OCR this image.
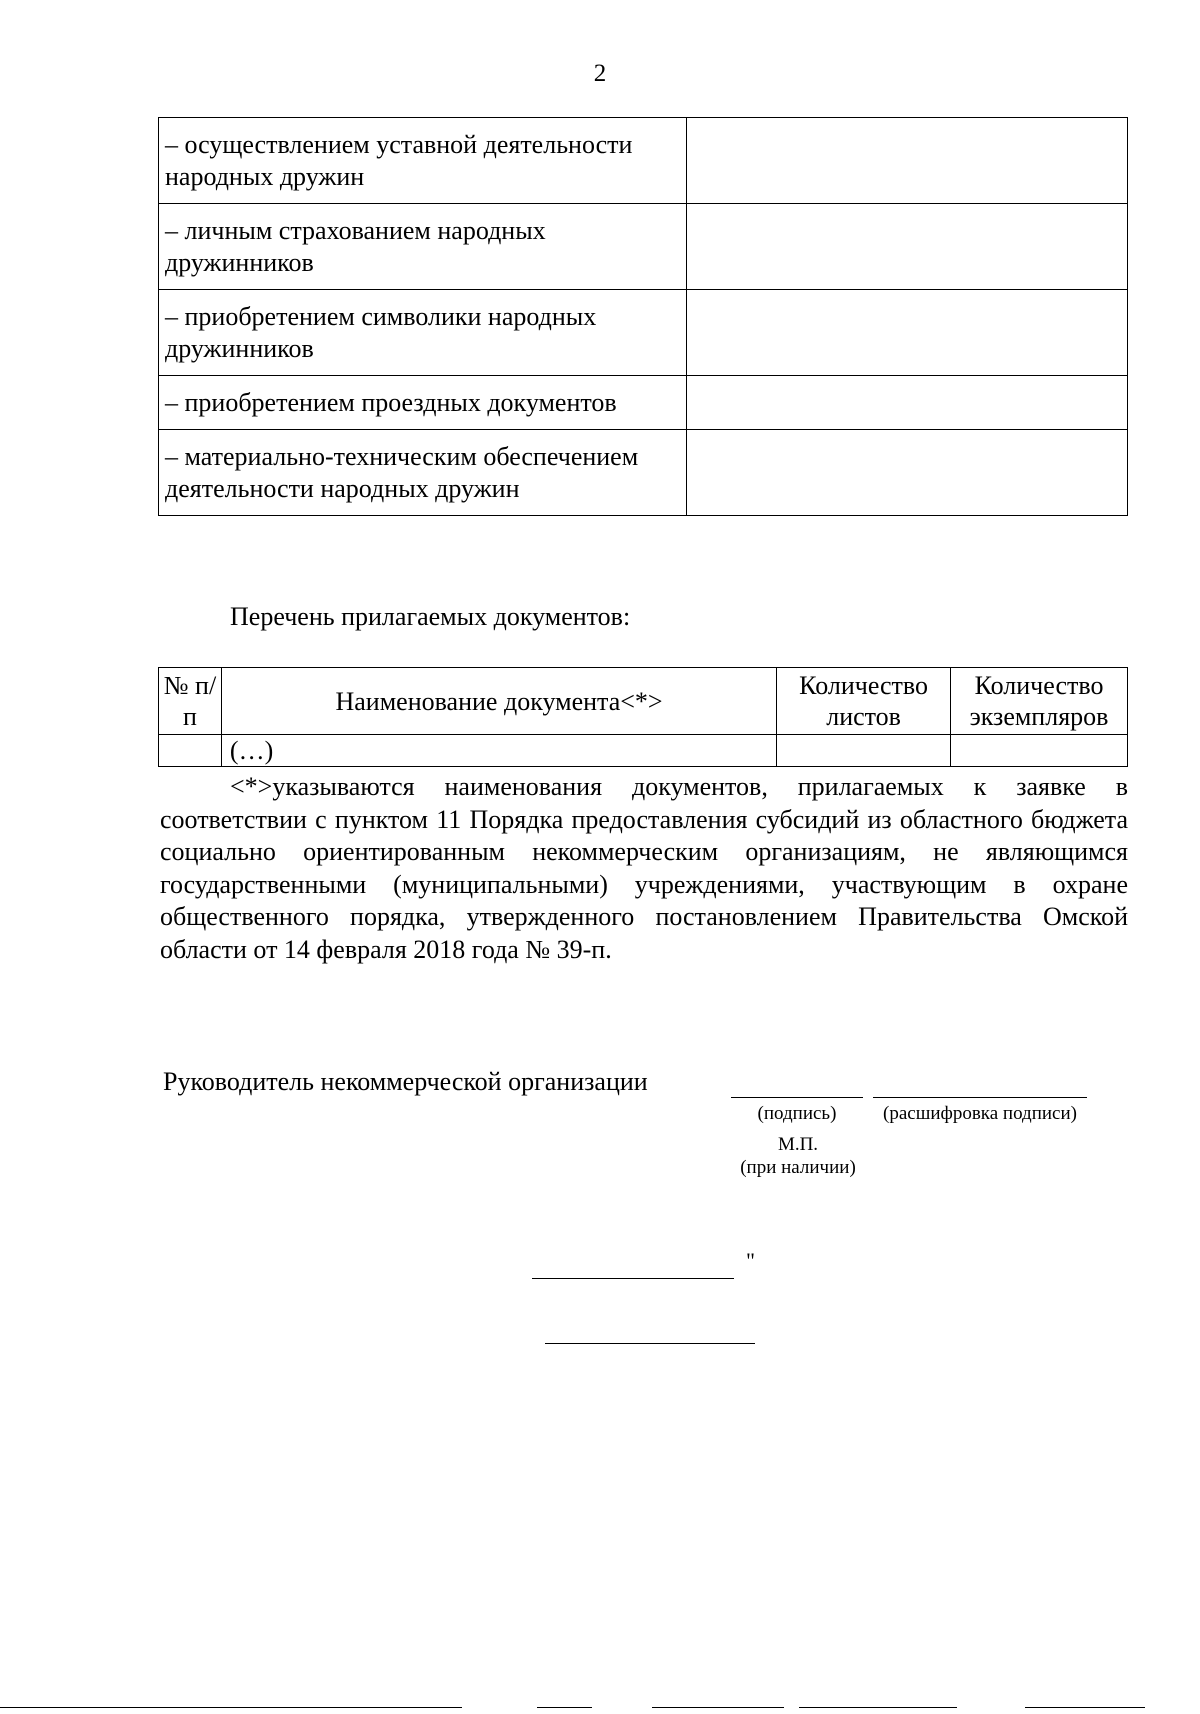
2
– осуществлением уставной деятельности народных дружин	
– личным страхованием народных дружинников	
– приобретением символики народных дружинников	
– приобретением проездных документов	
– материально-техническим обеспечением деятельности народных дружин	
Перечень прилагаемых документов:
№ п/п	Наименование документа<*>	Количество листов	Количество экземпляров
	(…)		
<*>указываются наименования документов, прилагаемых к заявке в соответствии с пунктом 11 Порядка предоставления субсидий из областного бюджета социально ориентированным некоммерческим организациям, не являющимся государственными (муниципальными) учреждениями, участвующим в охране общественного порядка, утвержденного постановлением Правительства Омской области от 14 февраля 2018 года № 39-п.
Руководитель некоммерческой организации
(подпись)	(расшифровка подписи)
М.П.
(при наличии)
"
